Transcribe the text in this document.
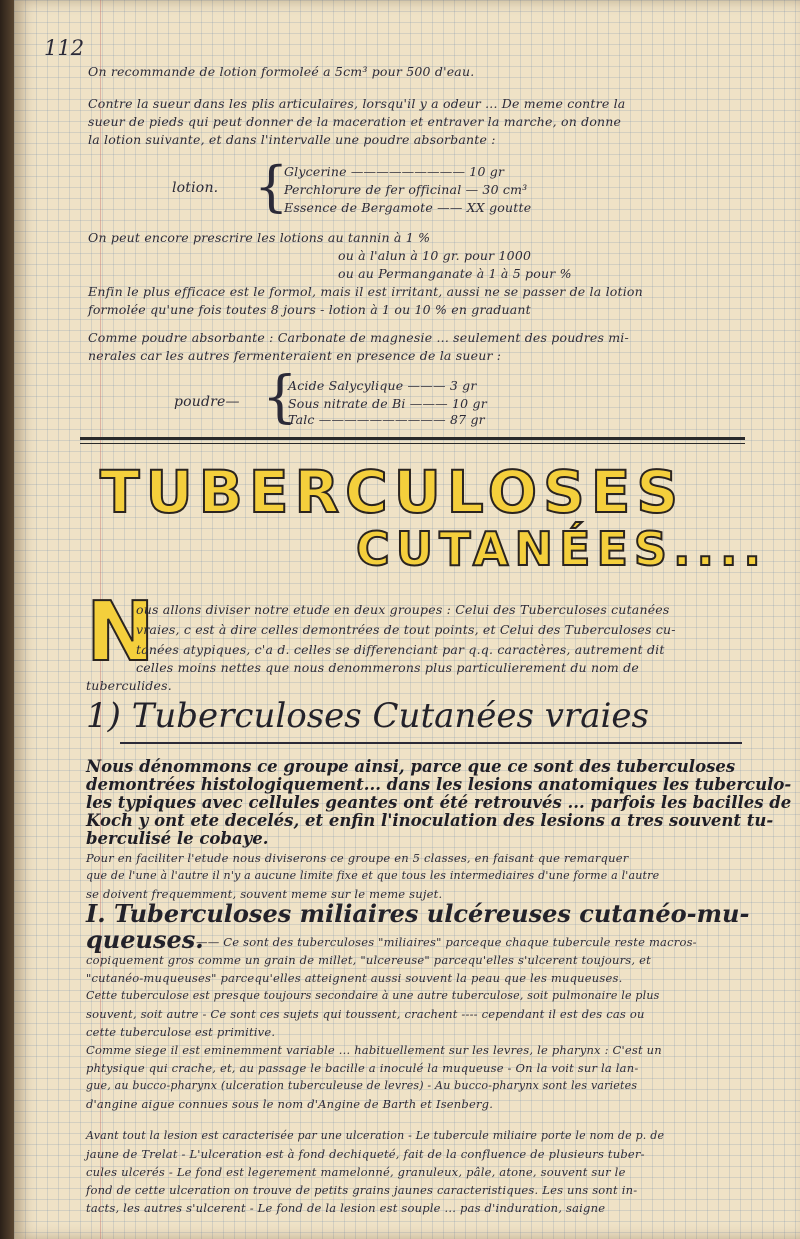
112
On recommande de lotion formoleé a 5cm³ pour 500 d'eau.
Contre la sueur dans les plis articulaires, lorsqu'il y a odeur ... De meme contre la
sueur de pieds qui peut donner de la maceration et entraver la marche, on donne
la lotion suivante, et dans l'intervalle une poudre absorbante :
lotion. {
Glycerine ————————— 10 gr
Perchlorure de fer officinal — 30 cm³
Essence de Bergamote —— XX goutte
On peut encore prescrire les lotions au tannin à 1 %
ou à l'alun à 10 gr. pour 1000
ou au Permanganate à 1 à 5 pour %
Enfin le plus efficace est le formol, mais il est irritant, aussi ne se passer de la lotion
formolée qu'une fois toutes 8 jours - lotion à 1 ou 10 % en graduant
Comme poudre absorbante : Carbonate de magnesie ... seulement des poudres mi-
nerales car les autres fermenteraient en presence de la sueur :
poudre— {
Acide Salycylique ——— 3 gr
Sous nitrate de Bi ——— 10 gr
Talc —————————— 87 gr
TUBERCULOSES
CUTANÉES....
N
ous allons diviser notre etude en deux groupes : Celui des Tuberculoses cutanées
vraies, c est à dire celles demontrées de tout points, et Celui des Tuberculoses cu-
tanées atypiques, c'a d. celles se differenciant par q.q. caractères, autrement dit
celles moins nettes que nous denommerons plus particulierement du nom de
tuberculides.
1) Tuberculoses Cutanées vraies
Nous dénommons ce groupe ainsi, parce que ce sont des tuberculoses
demontrées histologiquement... dans les lesions anatomiques les tuberculo-
les typiques avec cellules geantes ont été retrouvés ... parfois les bacilles de
Koch y ont ete decelés, et enfin l'inoculation des lesions a tres souvent tu-
berculisé le cobaye.
Pour en faciliter l'etude nous diviserons ce groupe en 5 classes, en faisant que remarquer
que de l'une à l'autre il n'y a aucune limite fixe et que tous les intermediaires d'une forme a l'autre
se doivent frequemment, souvent meme sur le meme sujet.
I. Tuberculoses miliaires ulcéreuses cutanéo-mu-
queuses.
—— Ce sont des tuberculoses "miliaires" parceque chaque tubercule reste macros-
copiquement gros comme un grain de millet, "ulcereuse" parcequ'elles s'ulcerent toujours, et
"cutanéo-muqueuses" parcequ'elles atteignent aussi souvent la peau que les muqueuses.
Cette tuberculose est presque toujours secondaire à une autre tuberculose, soit pulmonaire le plus
souvent, soit autre - Ce sont ces sujets qui toussent, crachent ---- cependant il est des cas ou
cette tuberculose est primitive.
Comme siege il est eminemment variable ... habituellement sur les levres, le pharynx : C'est un
phtysique qui crache, et, au passage le bacille a inoculé la muqueuse - On la voit sur la lan-
gue, au bucco-pharynx (ulceration tuberculeuse de levres) - Au bucco-pharynx sont les varietes
d'angine aigue connues sous le nom d'Angine de Barth et Isenberg.
Avant tout la lesion est caracterisée par une ulceration - Le tubercule miliaire porte le nom de p. de
jaune de Trelat - L'ulceration est à fond dechiqueté, fait de la confluence de plusieurs tuber-
cules ulcerés - Le fond est legerement mamelonné, granuleux, pâle, atone, souvent sur le
fond de cette ulceration on trouve de petits grains jaunes caracteristiques. Les uns sont in-
tacts, les autres s'ulcerent - Le fond de la lesion est souple ... pas d'induration, saigne
